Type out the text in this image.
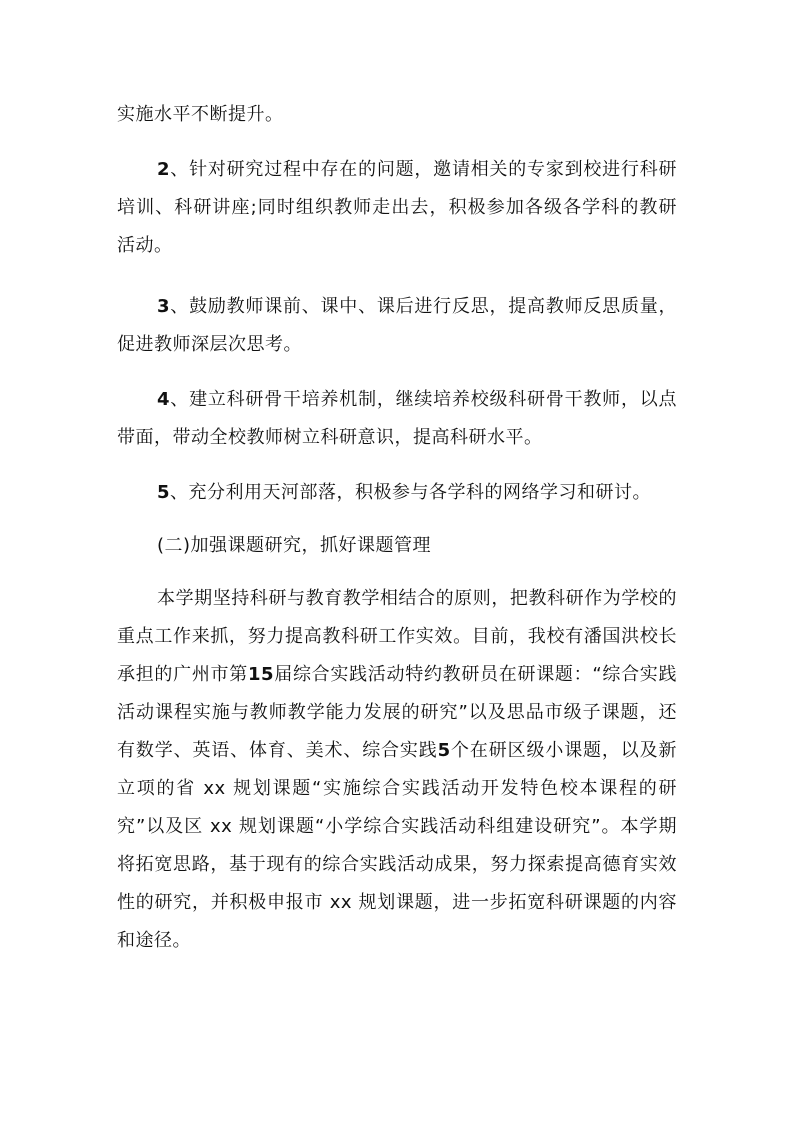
实施水平不断提升。

2、针对研究过程中存在的问题，邀请相关的专家到校进行科研培训、科研讲座;同时组织教师走出去，积极参加各级各学科的教研活动。

3、鼓励教师课前、课中、课后进行反思，提高教师反思质量，促进教师深层次思考。

4、建立科研骨干培养机制，继续培养校级科研骨干教师，以点带面，带动全校教师树立科研意识，提高科研水平。

5、充分利用天河部落，积极参与各学科的网络学习和研讨。

(二)加强课题研究，抓好课题管理

本学期坚持科研与教育教学相结合的原则，把教科研作为学校的重点工作来抓，努力提高教科研工作实效。目前，我校有潘国洪校长承担的广州市第15届综合实践活动特约教研员在研课题：“综合实践活动课程实施与教师教学能力发展的研究”以及思品市级子课题，还有数学、英语、体育、美术、综合实践5个在研区级小课题，以及新立项的省 xx 规划课题“实施综合实践活动开发特色校本课程的研究”以及区 xx 规划课题“小学综合实践活动科组建设研究”。本学期将拓宽思路，基于现有的综合实践活动成果，努力探索提高德育实效性的研究，并积极申报市 xx 规划课题，进一步拓宽科研课题的内容和途径。
